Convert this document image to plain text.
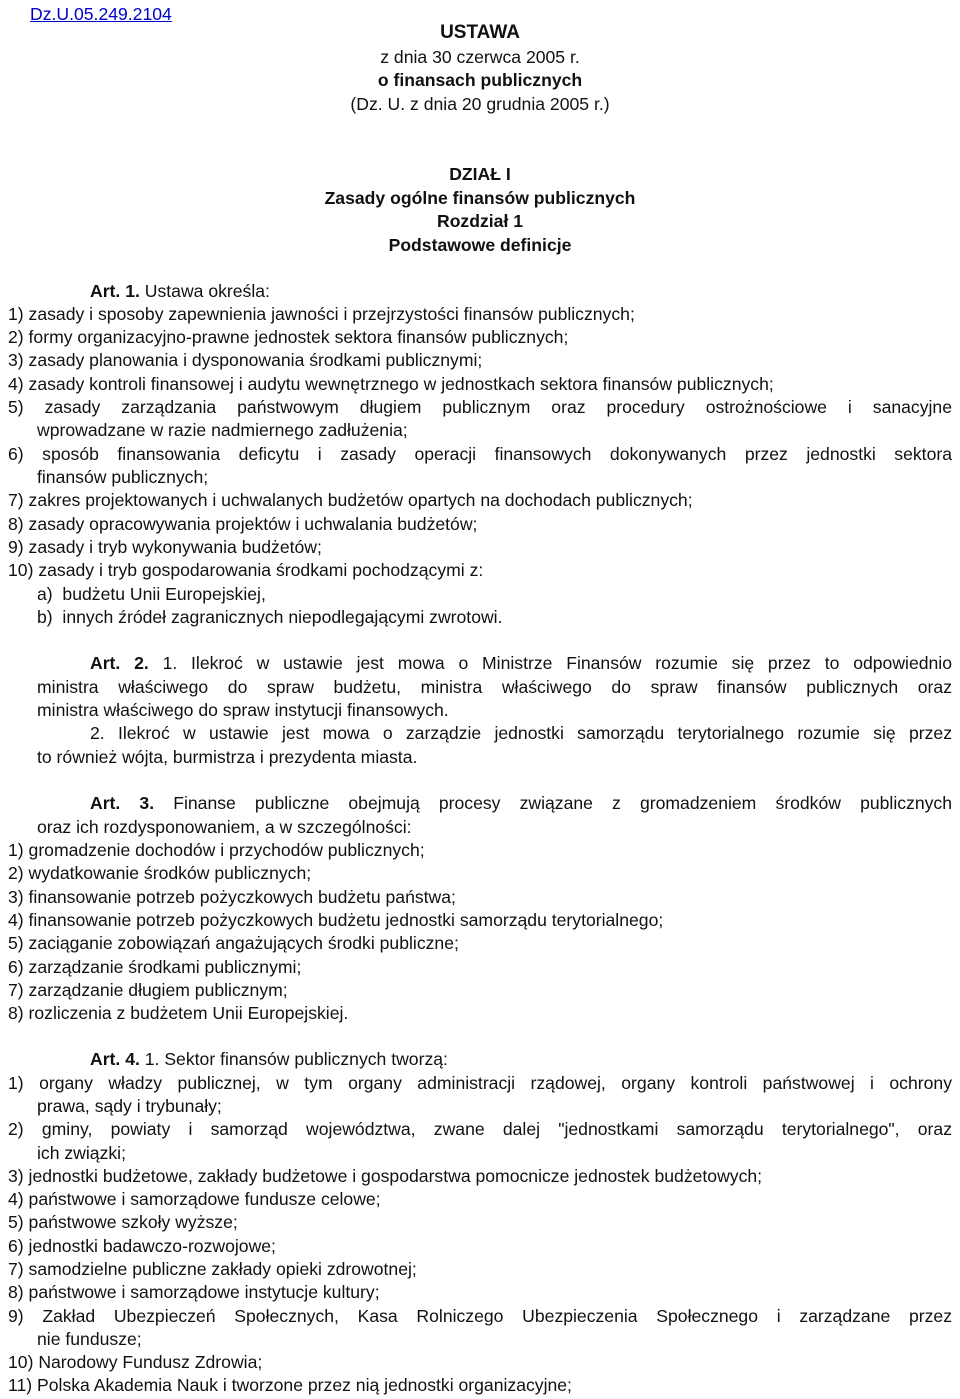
Dz.U.05.249.2104
USTAWA
z dnia 30 czerwca 2005 r.
o finansach publicznych
(Dz. U. z dnia 20 grudnia 2005 r.)
DZIAŁ I
Zasady ogólne finansów publicznych
Rozdział 1
Podstawowe definicje
Art. 1. Ustawa określa:
1) zasady i sposoby zapewnienia jawności i przejrzystości finansów publicznych;
2) formy organizacyjno-prawne jednostek sektora finansów publicznych;
3) zasady planowania i dysponowania środkami publicznymi;
4) zasady kontroli finansowej i audytu wewnętrznego w jednostkach sektora finansów publicznych;
5) zasady zarządzania państwowym długiem publicznym oraz procedury ostrożnościowe i sanacyjne
wprowadzane w razie nadmiernego zadłużenia;
6) sposób finansowania deficytu i zasady operacji finansowych dokonywanych przez jednostki sektora
finansów publicznych;
7) zakres projektowanych i uchwalanych budżetów opartych na dochodach publicznych;
8) zasady opracowywania projektów i uchwalania budżetów;
9) zasady i tryb wykonywania budżetów;
10) zasady i tryb gospodarowania środkami pochodzącymi z:
a)  budżetu Unii Europejskiej,
b)  innych źródeł zagranicznych niepodlegającymi zwrotowi.
Art. 2. 1. Ilekroć w ustawie jest mowa o Ministrze Finansów rozumie się przez to odpowiednio
ministra właściwego do spraw budżetu, ministra właściwego do spraw finansów publicznych oraz
ministra właściwego do spraw instytucji finansowych.
2. Ilekroć w ustawie jest mowa o zarządzie jednostki samorządu terytorialnego rozumie się przez
to również wójta, burmistrza i prezydenta miasta.
Art. 3. Finanse publiczne obejmują procesy związane z gromadzeniem środków publicznych
oraz ich rozdysponowaniem, a w szczególności:
1) gromadzenie dochodów i przychodów publicznych;
2) wydatkowanie środków publicznych;
3) finansowanie potrzeb pożyczkowych budżetu państwa;
4) finansowanie potrzeb pożyczkowych budżetu jednostki samorządu terytorialnego;
5) zaciąganie zobowiązań angażujących środki publiczne;
6) zarządzanie środkami publicznymi;
7) zarządzanie długiem publicznym;
8) rozliczenia z budżetem Unii Europejskiej.
Art. 4. 1. Sektor finansów publicznych tworzą:
1) organy władzy publicznej, w tym organy administracji rządowej, organy kontroli państwowej i ochrony
prawa, sądy i trybunały;
2) gminy, powiaty i samorząd województwa, zwane dalej "jednostkami samorządu terytorialnego", oraz
ich związki;
3) jednostki budżetowe, zakłady budżetowe i gospodarstwa pomocnicze jednostek budżetowych;
4) państwowe i samorządowe fundusze celowe;
5) państwowe szkoły wyższe;
6) jednostki badawczo-rozwojowe;
7) samodzielne publiczne zakłady opieki zdrowotnej;
8) państwowe i samorządowe instytucje kultury;
9) Zakład Ubezpieczeń Społecznych, Kasa Rolniczego Ubezpieczenia Społecznego i zarządzane przez
nie fundusze;
10) Narodowy Fundusz Zdrowia;
11) Polska Akademia Nauk i tworzone przez nią jednostki organizacyjne;
